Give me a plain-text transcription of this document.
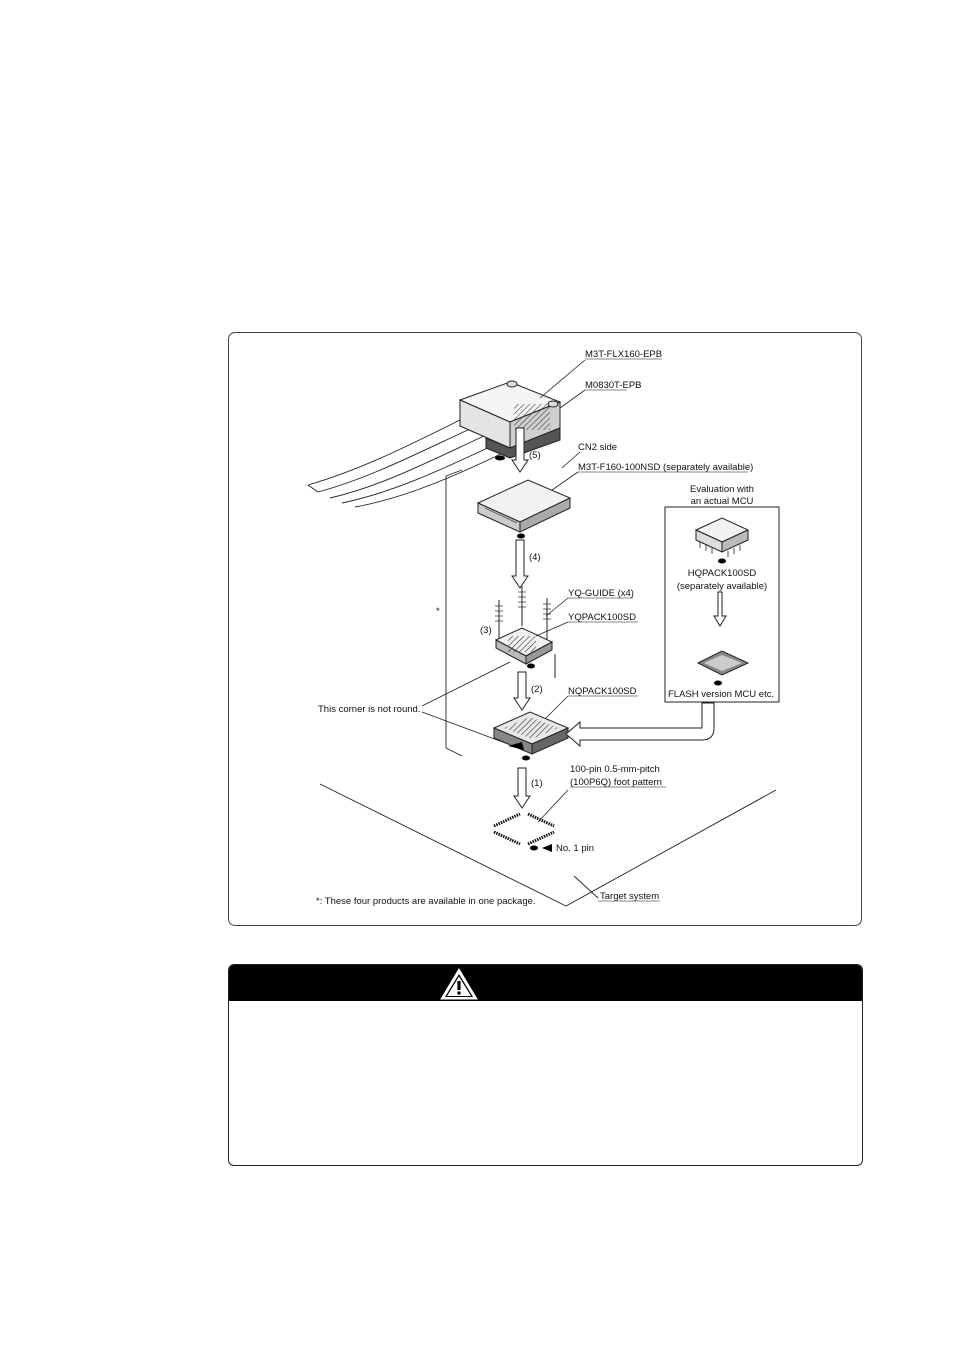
M3T-FLX160-EPB
M0830T-EPB
CN2 side
M3T-F160-100NSD (separately available)
Evaluation with
an actual MCU
(5)
(4)
YQ-GUIDE (x4)
(3)
YQPACK100SD
*
HQPACK100SD
(separately available)
FLASH version MCU etc.
(2)	NQPACK100SD
This corner is not round.
100-pin 0.5-mm-pitch
(100P6Q) foot pattern
(1)
No. 1 pin
*: These four products are available in one package.	Target system
